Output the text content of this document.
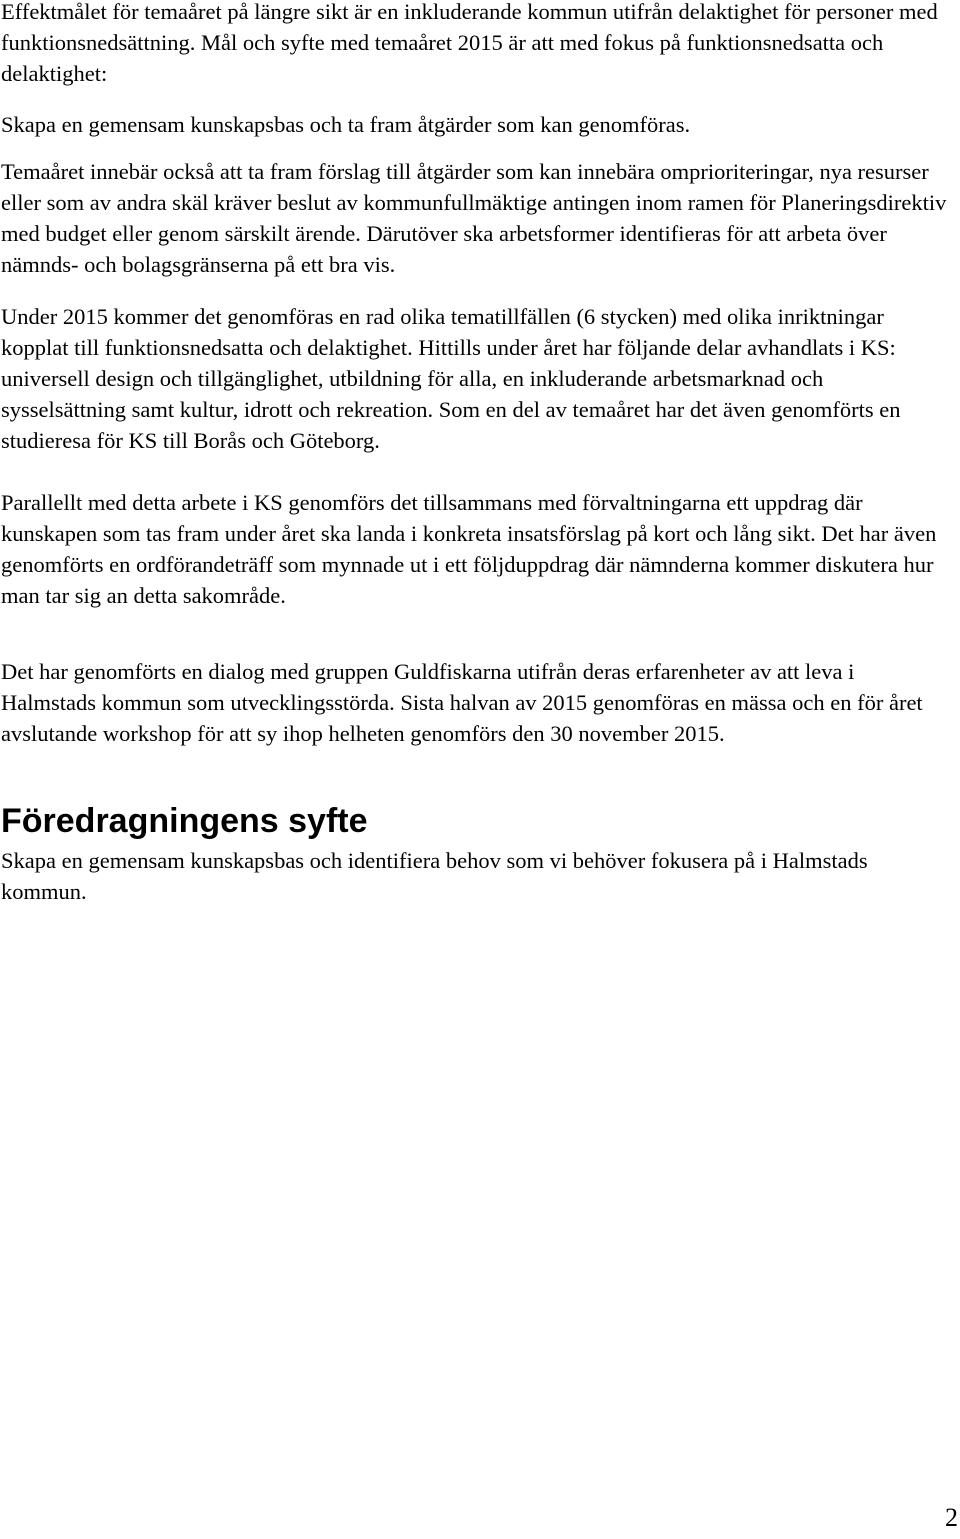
Effektmålet för temaåret på längre sikt är en inkluderande kommun utifrån delaktighet för personer med funktionsnedsättning. Mål och syfte med temaåret 2015 är att med fokus på funktionsnedsatta och delaktighet:

Skapa en gemensam kunskapsbas och ta fram åtgärder som kan genomföras.

Temaåret innebär också att ta fram förslag till åtgärder som kan innebära omprioriteringar, nya resurser eller som av andra skäl kräver beslut av kommunfullmäktige antingen inom ramen för Planeringsdirektiv med budget eller genom särskilt ärende. Därutöver ska arbetsformer identifieras för att arbeta över nämnds- och bolagsgränserna på ett bra vis.

Under 2015 kommer det genomföras en rad olika tematillfällen (6 stycken) med olika inriktningar kopplat till funktionsnedsatta och delaktighet. Hittills under året har följande delar avhandlats i KS: universell design och tillgänglighet, utbildning för alla, en inkluderande arbetsmarknad och sysselsättning samt kultur, idrott och rekreation. Som en del av temaåret har det även genomförts en studieresa för KS till Borås och Göteborg.

Parallellt med detta arbete i KS genomförs det tillsammans med förvaltningarna ett uppdrag där kunskapen som tas fram under året ska landa i konkreta insatsförslag på kort och lång sikt. Det har även genomförts en ordförandeträff som mynnade ut i ett följduppdrag där nämnderna kommer diskutera hur man tar sig an detta sakområde.

Det har genomförts en dialog med gruppen Guldfiskarna utifrån deras erfarenheter av att leva i Halmstads kommun som utvecklingsstörda. Sista halvan av 2015 genomföras en mässa och en för året avslutande workshop för att sy ihop helheten genomförs den 30 november 2015.

Föredragningens syfte

Skapa en gemensam kunskapsbas och identifiera behov som vi behöver fokusera på i Halmstads kommun.

2
